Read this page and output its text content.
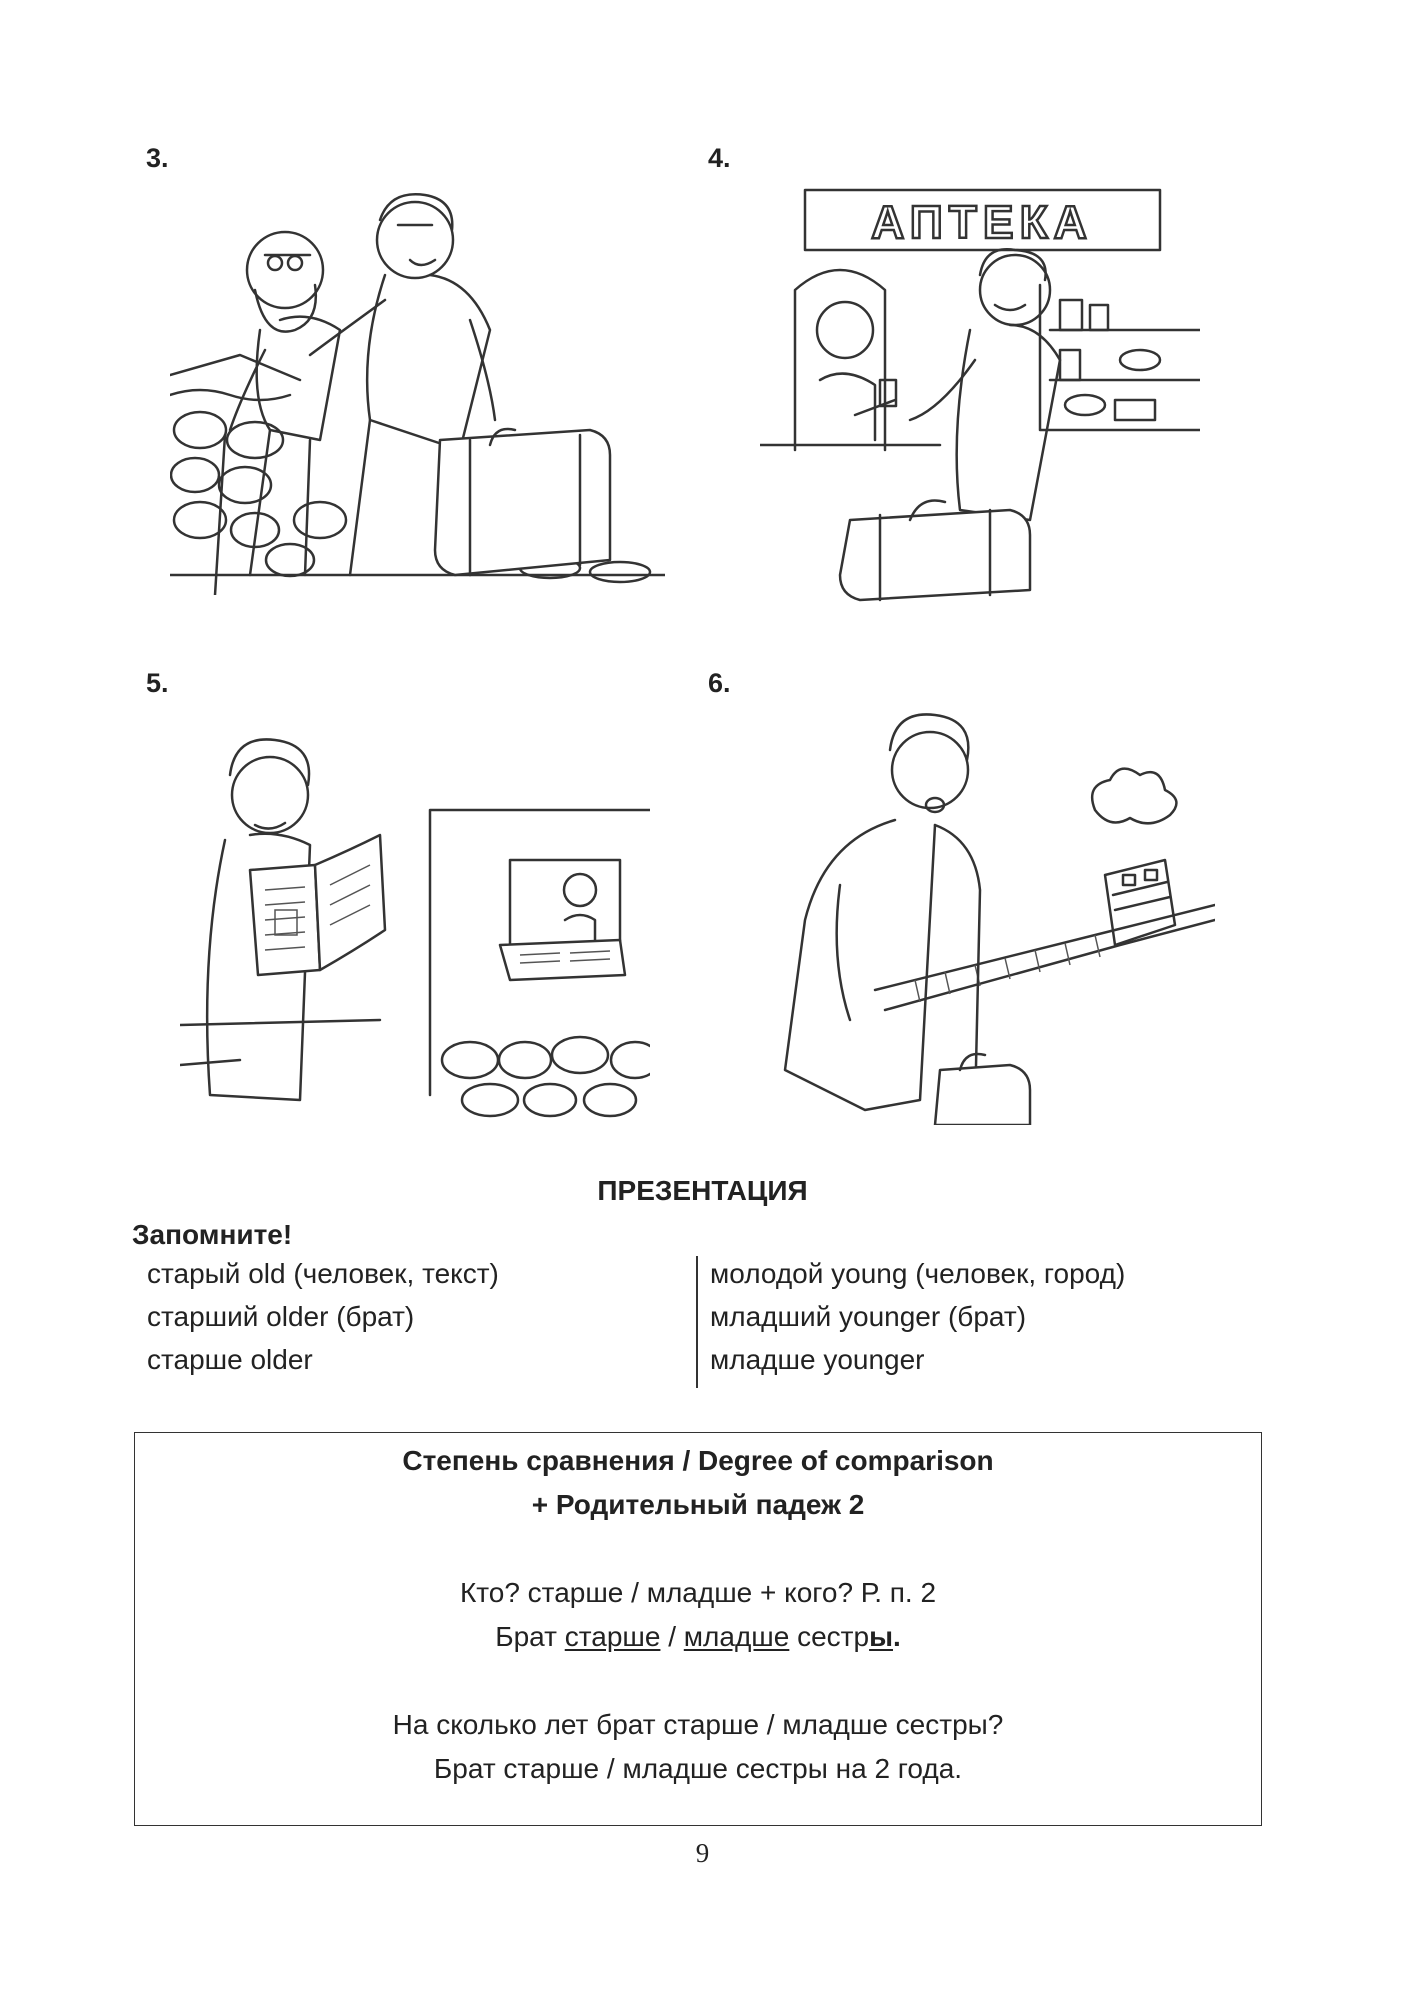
3.	4.
5.	6.
АПТЕКА
ПРЕЗЕНТАЦИЯ
Запомните!
старый old (человек, текст)
старший older (брат)
старше older
молодой young (человек, город)
младший younger (брат)
младше younger
Степень сравнения / Degree of comparison
+ Родительный падеж 2
Кто? старше / младше + кого? Р. п. 2
Брат старше / младше сестры.
На сколько лет брат старше / младше сестры?
Брат старше / младше сестры на 2 года.
9
